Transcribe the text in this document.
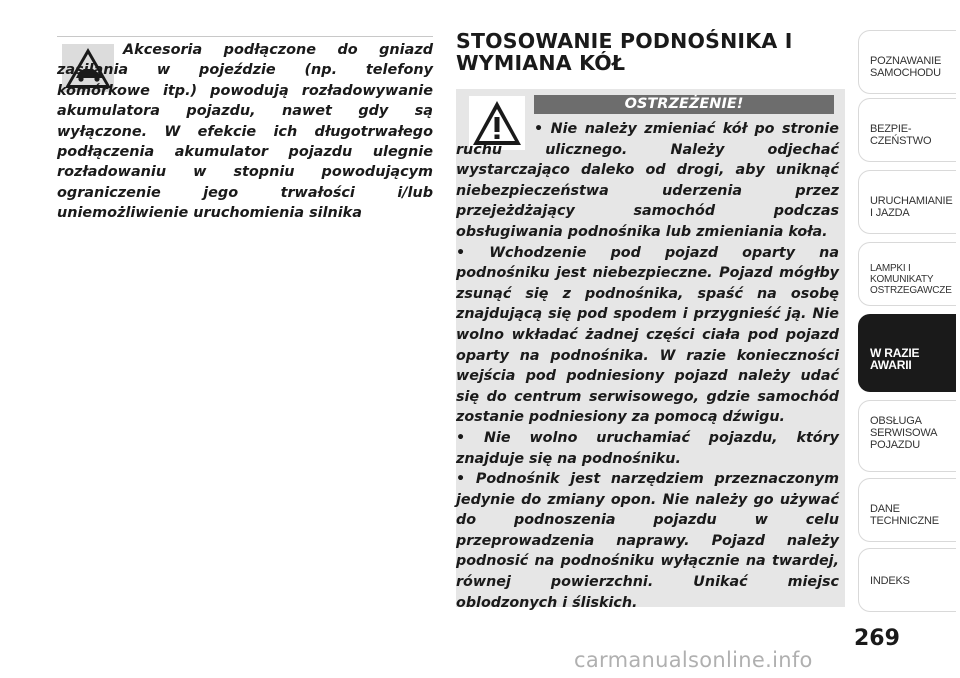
Akcesoria podłączone do gniazd zasilania w pojeździe (np. telefony komórkowe itp.) powodują rozładowywanie akumulatora pojazdu, nawet gdy są wyłączone. W efekcie ich długotrwałego podłączenia akumulator pojazdu ulegnie rozładowaniu w stopniu powodującym ograniczenie jego trwałości i/lub uniemożliwienie uruchomienia silnika
STOSOWANIE PODNOŚNIKA I
WYMIANA KÓŁ
OSTRZEŻENIE!

• Nie należy zmieniać kół po stronie ruchu ulicznego. Należy odjechać wystarczająco daleko od drogi, aby uniknąć niebezpieczeństwa uderzenia przez przejeżdżający samochód podczas obsługiwania podnośnika lub zmieniania koła.

• Wchodzenie pod pojazd oparty na podnośniku jest niebezpieczne. Pojazd mógłby zsunąć się z podnośnika, spaść na osobę znajdującą się pod spodem i przygnieść ją. Nie wolno wkładać żadnej części ciała pod pojazd oparty na podnośnika. W razie konieczności wejścia pod podniesiony pojazd należy udać się do centrum serwisowego, gdzie samochód zostanie podniesiony za pomocą dźwigu.

• Nie wolno uruchamiać pojazdu, który znajduje się na podnośniku.

• Podnośnik jest narzędziem przeznaczonym jedynie do zmiany opon. Nie należy go używać do podnoszenia pojazdu w celu przeprowadzenia naprawy. Pojazd należy podnosić na podnośniku wyłącznie na twardej, równej powierzchni. Unikać miejsc oblodzonych i śliskich.

POZNAWANIE
SAMOCHODU
BEZPIE-
CZEŃSTWO
URUCHAMIANIE
I JAZDA
LAMPKI I
KOMUNIKATY
OSTRZEGAWCZE
W RAZIE
AWARII
OBSŁUGA
SERWISOWA
POJAZDU
DANE
TECHNICZNE
INDEKS
269
carmanualsonline.info
